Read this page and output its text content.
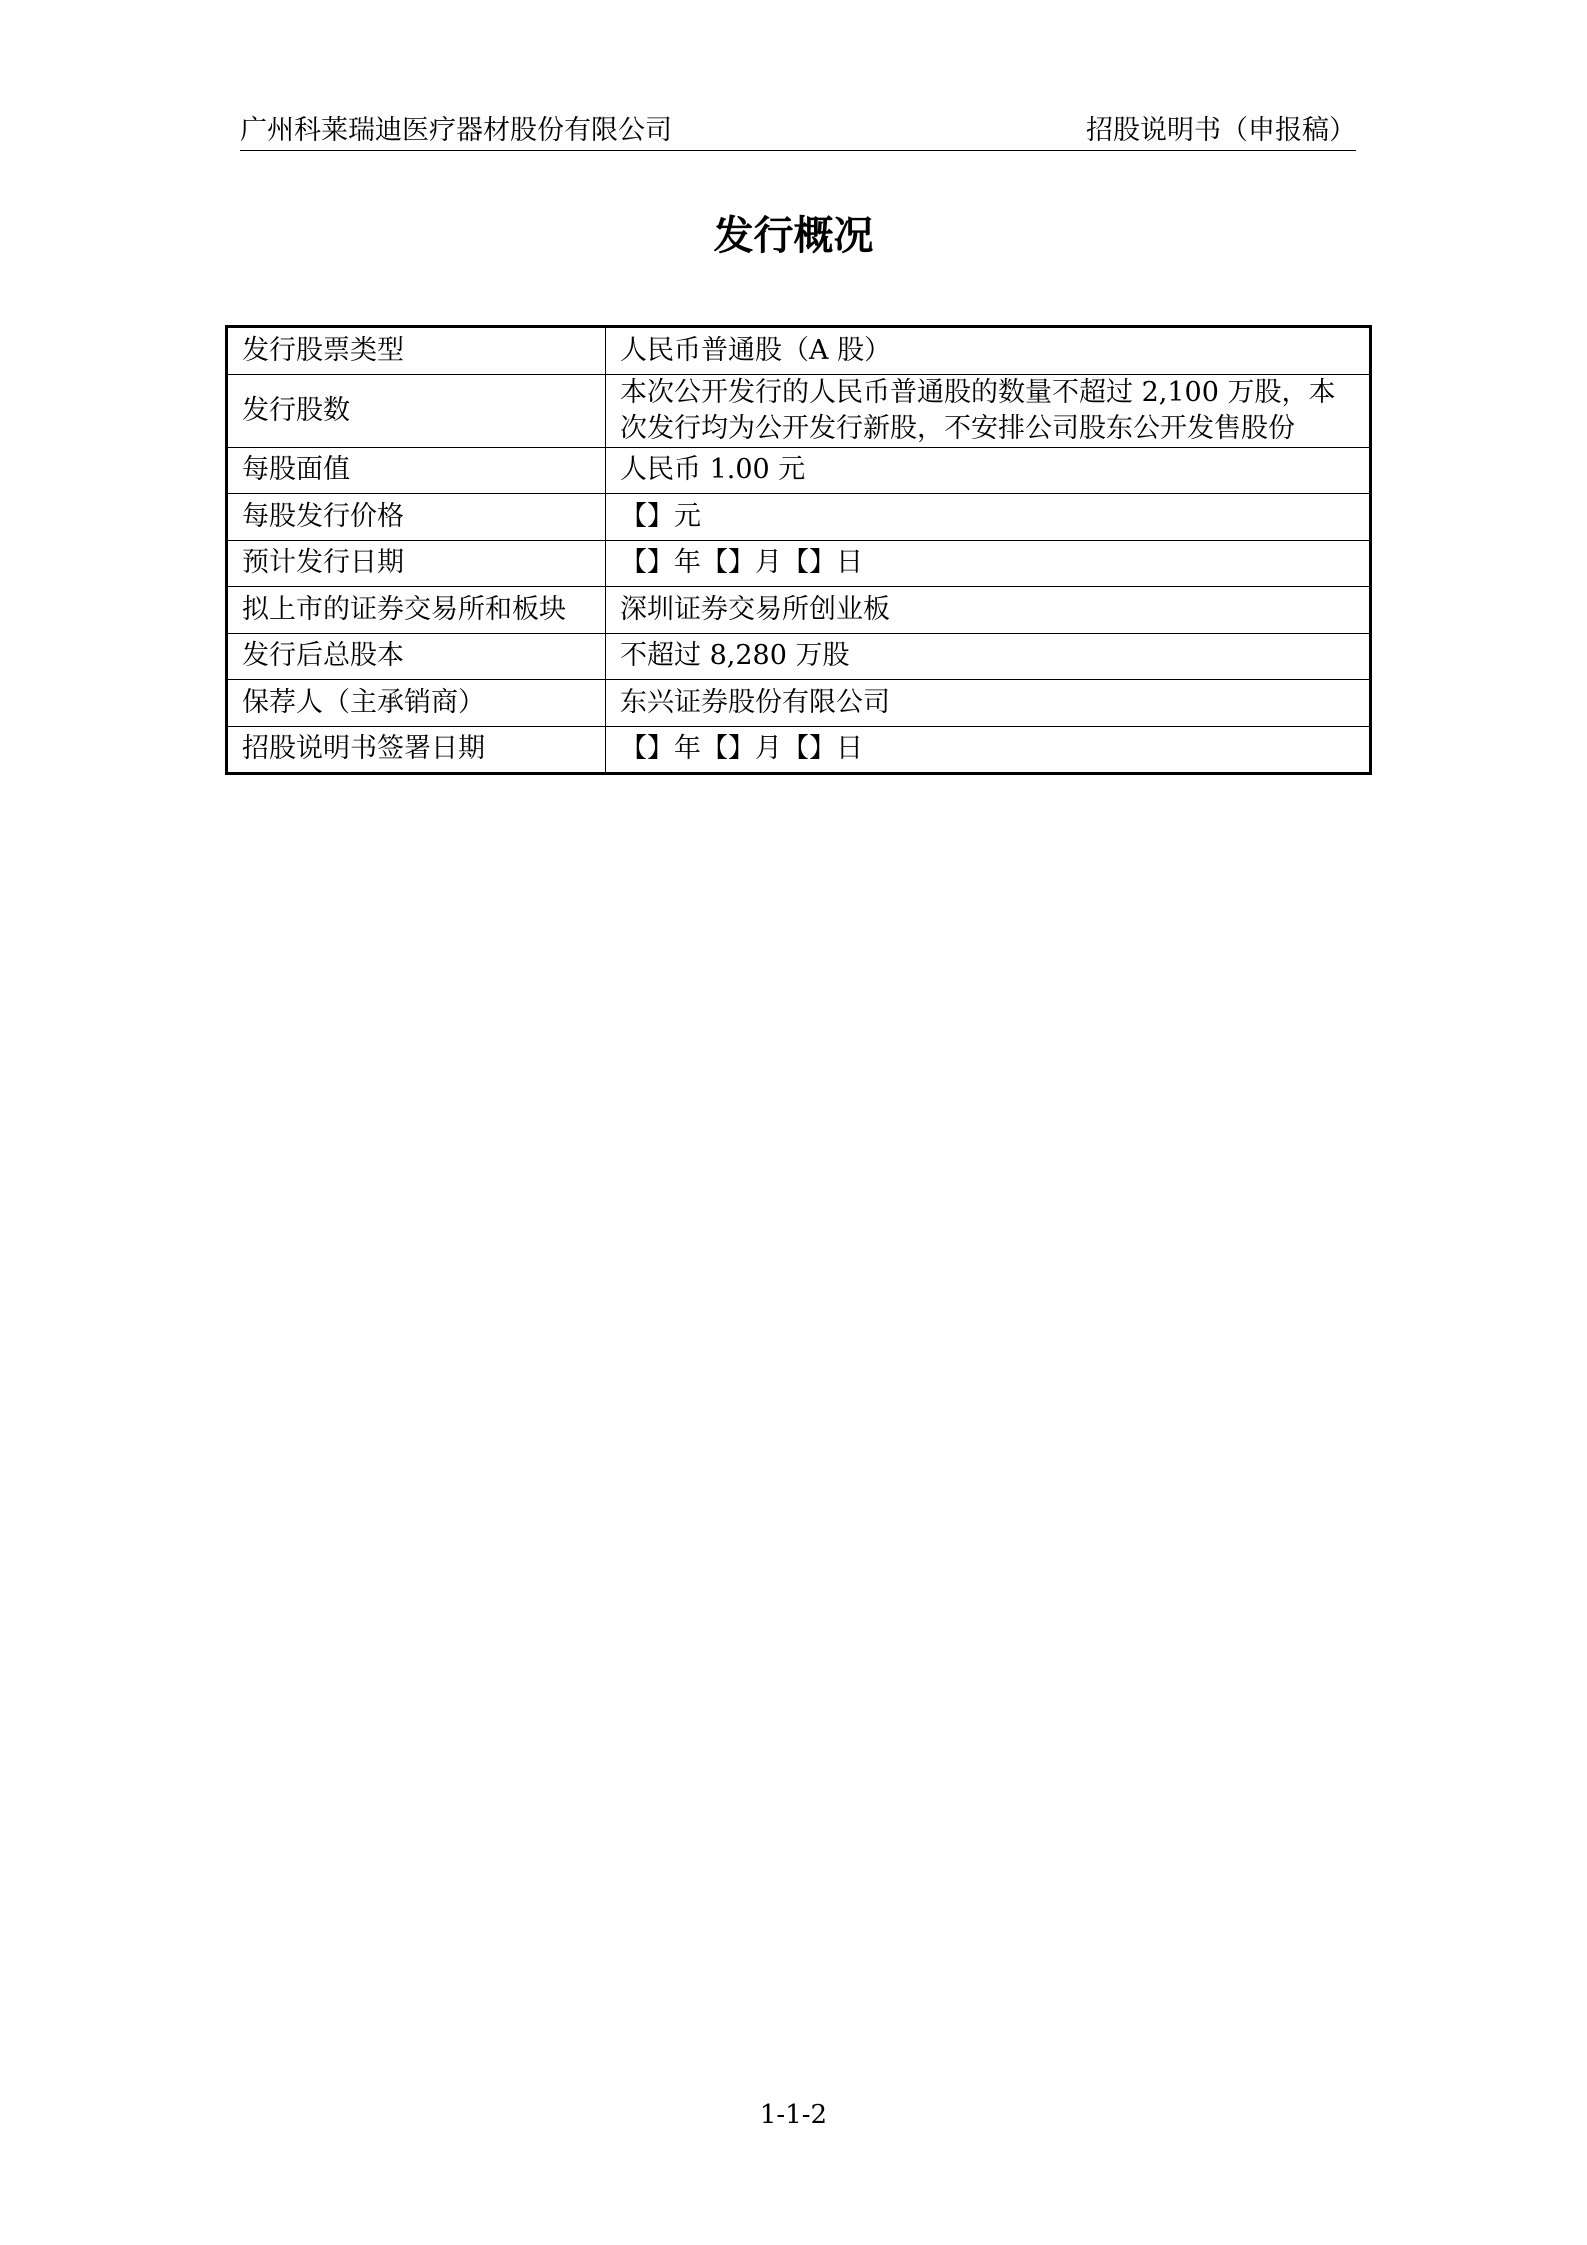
广州科莱瑞迪医疗器材股份有限公司	招股说明书（申报稿）
发行概况
发行股票类型	人民币普通股（A 股）
发行股数	本次公开发行的人民币普通股的数量不超过 2,100 万股，本
次发行均为公开发行新股，不安排公司股东公开发售股份

每股面值	人民币 1.00 元
每股发行价格	【】元
预计发行日期	【】年【】月【】日
拟上市的证券交易所和板块	深圳证券交易所创业板
发行后总股本	不超过 8,280 万股
保荐人（主承销商）	东兴证券股份有限公司
招股说明书签署日期	【】年【】月【】日
1-1-2
